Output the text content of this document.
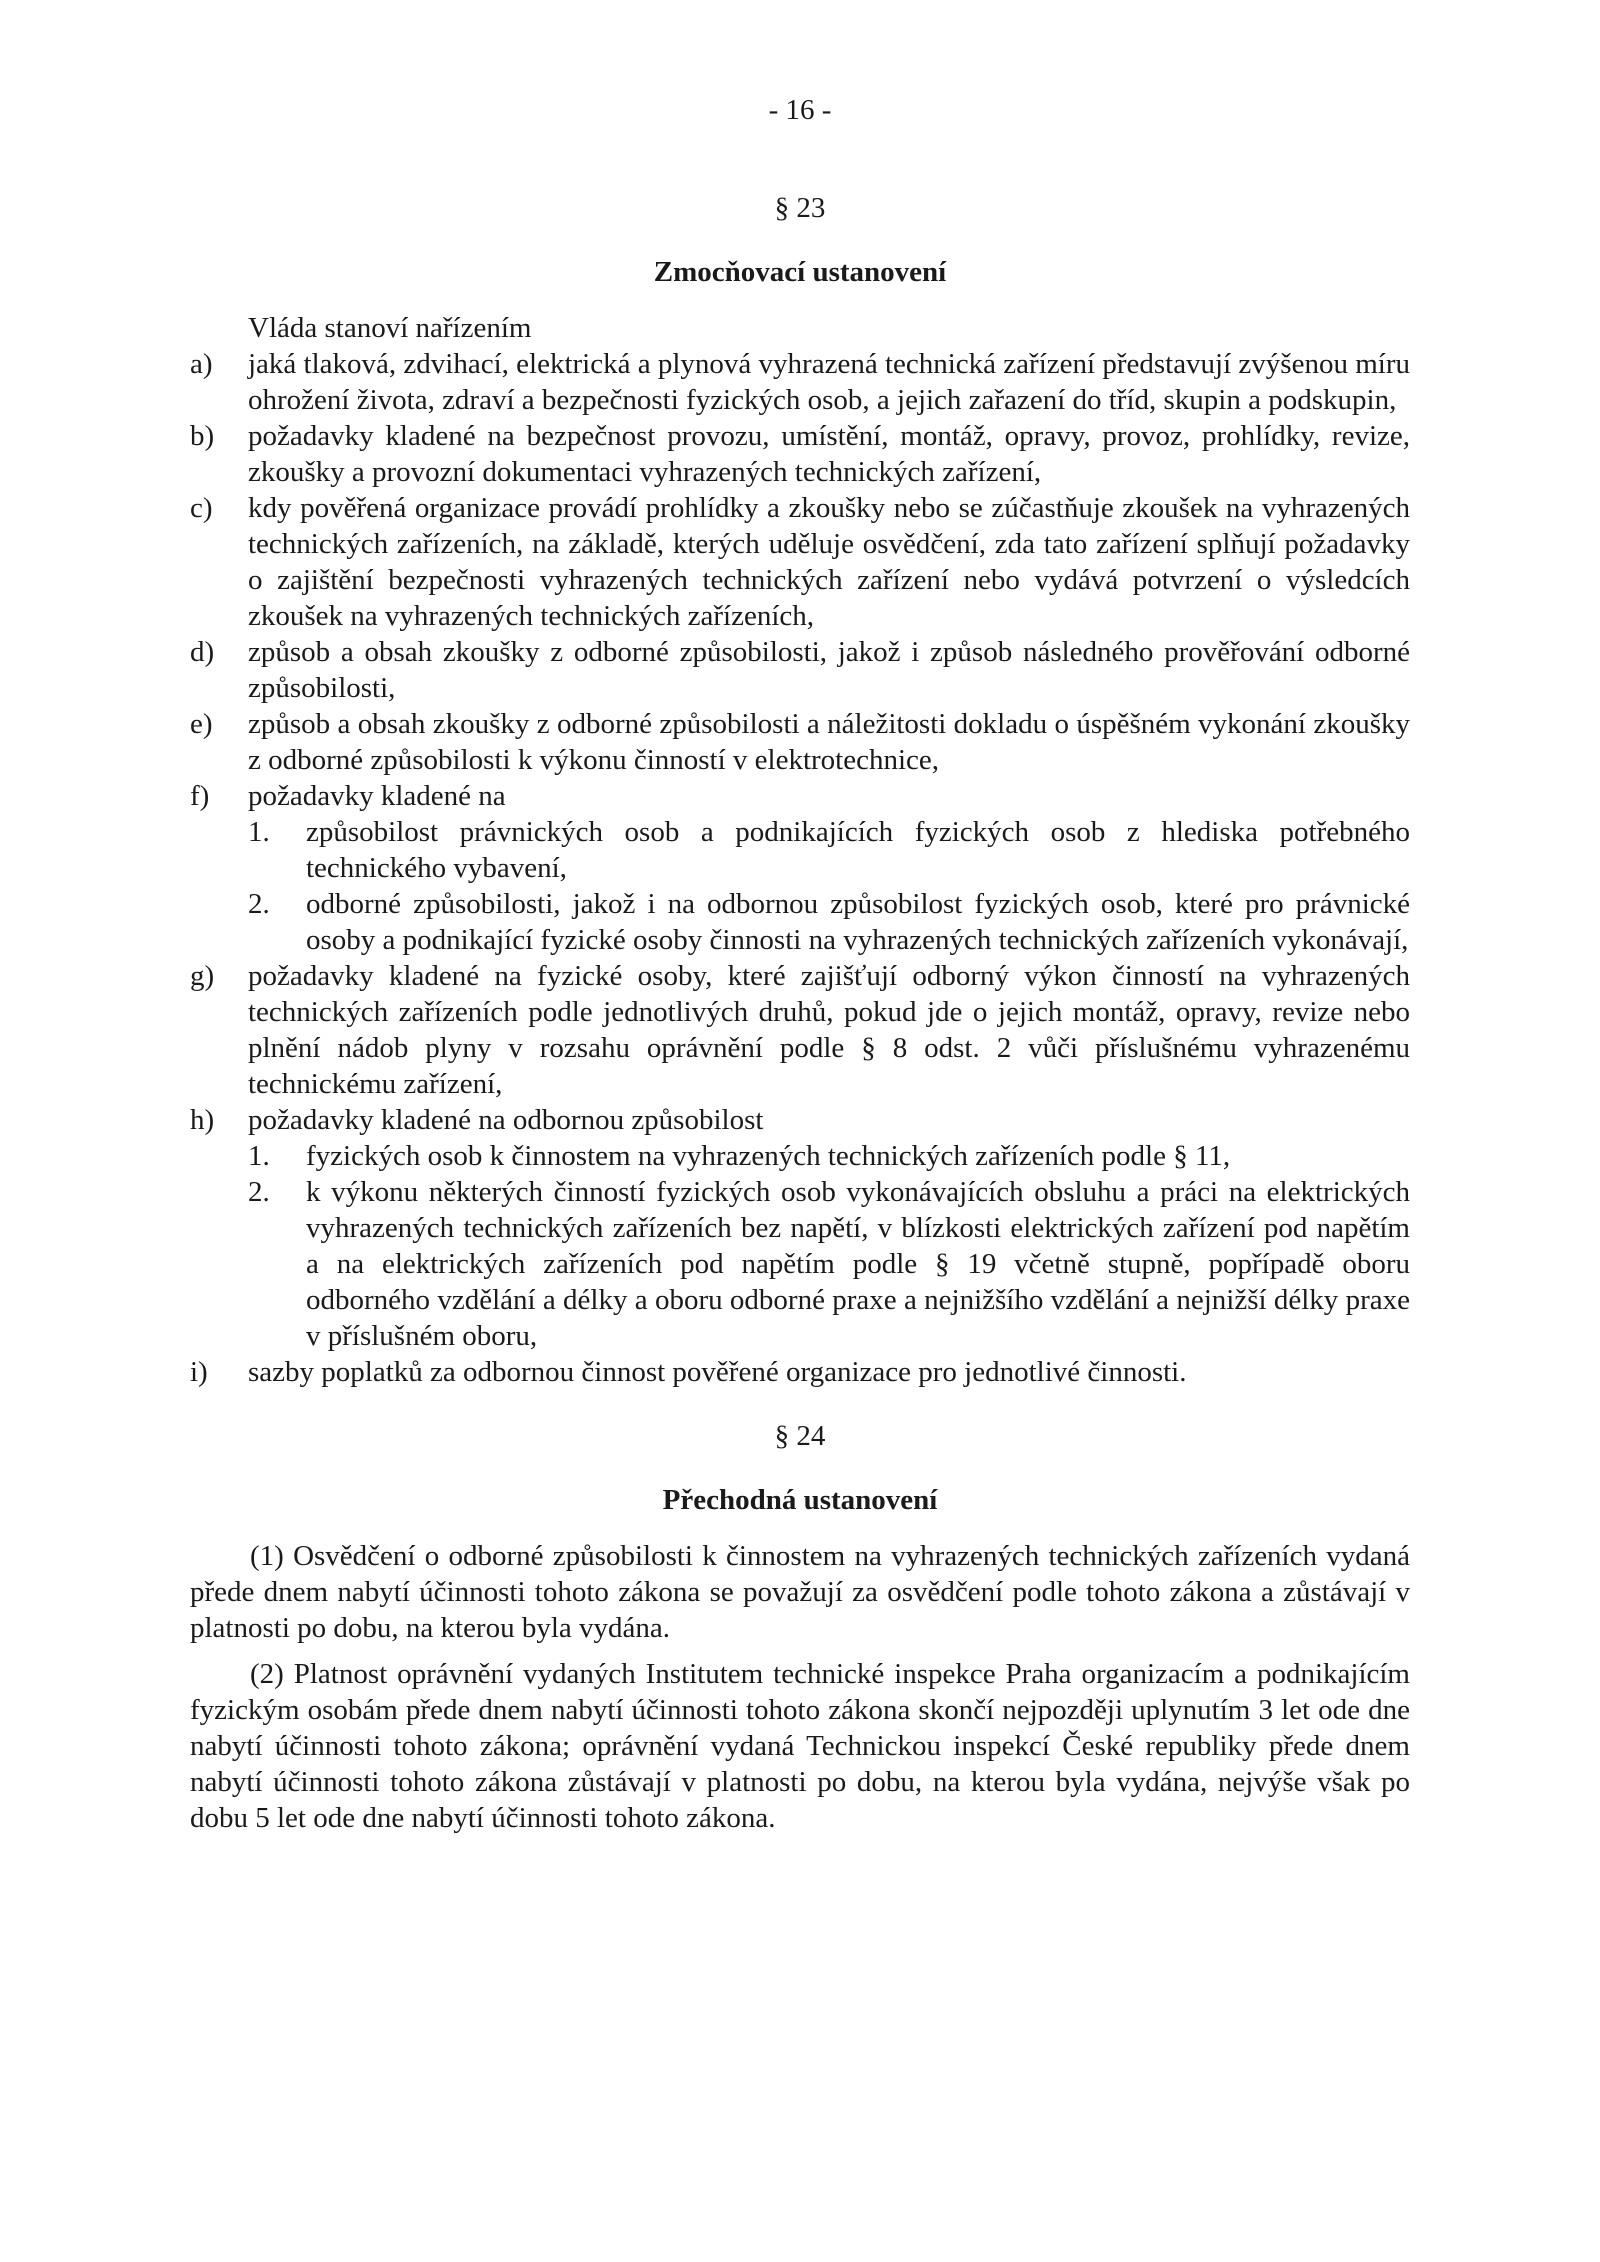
- 16 -
§ 23
Zmocňovací ustanovení
Vláda stanoví nařízením
a) jaká tlaková, zdvihací, elektrická a plynová vyhrazená technická zařízení představují zvýšenou míru ohrožení života, zdraví a bezpečnosti fyzických osob, a jejich zařazení do tříd, skupin a podskupin,
b) požadavky kladené na bezpečnost provozu, umístění, montáž, opravy, provoz, prohlídky, revize, zkoušky a provozní dokumentaci vyhrazených technických zařízení,
c) kdy pověřená organizace provádí prohlídky a zkoušky nebo se zúčastňuje zkoušek na vyhrazených technických zařízeních, na základě, kterých uděluje osvědčení, zda tato zařízení splňují požadavky o zajištění bezpečnosti vyhrazených technických zařízení nebo vydává potvrzení o výsledcích zkoušek na vyhrazených technických zařízeních,
d) způsob a obsah zkoušky z odborné způsobilosti, jakož i způsob následného prověřování odborné způsobilosti,
e) způsob a obsah zkoušky z odborné způsobilosti a náležitosti dokladu o úspěšném vykonání zkoušky z odborné způsobilosti k výkonu činností v elektrotechnice,
f) požadavky kladené na
1. způsobilost právnických osob a podnikajících fyzických osob z hlediska potřebného technického vybavení,
2. odborné způsobilosti, jakož i na odbornou způsobilost fyzických osob, které pro právnické osoby a podnikající fyzické osoby činnosti na vyhrazených technických zařízeních vykonávají,
g) požadavky kladené na fyzické osoby, které zajišťují odborný výkon činností na vyhrazených technických zařízeních podle jednotlivých druhů, pokud jde o jejich montáž, opravy, revize nebo plnění nádob plyny v rozsahu oprávnění podle § 8 odst. 2 vůči příslušnému vyhrazenému technickému zařízení,
h) požadavky kladené na odbornou způsobilost
1. fyzických osob k činnostem na vyhrazených technických zařízeních podle § 11,
2. k výkonu některých činností fyzických osob vykonávajících obsluhu a práci na elektrických vyhrazených technických zařízeních bez napětí, v blízkosti elektrických zařízení pod napětím a na elektrických zařízeních pod napětím podle § 19 včetně stupně, popřípadě oboru odborného vzdělání a délky a oboru odborné praxe a nejnižšího vzdělání a nejnižší délky praxe v příslušném oboru,
i) sazby poplatků za odbornou činnost pověřené organizace pro jednotlivé činnosti.
§ 24
Přechodná ustanovení
(1) Osvědčení o odborné způsobilosti k činnostem na vyhrazených technických zařízeních vydaná přede dnem nabytí účinnosti tohoto zákona se považují za osvědčení podle tohoto zákona a zůstávají v platnosti po dobu, na kterou byla vydána.
(2) Platnost oprávnění vydaných Institutem technické inspekce Praha organizacím a podnikajícím fyzickým osobám přede dnem nabytí účinnosti tohoto zákona skončí nejpozději uplynutím 3 let ode dne nabytí účinnosti tohoto zákona; oprávnění vydaná Technickou inspekcí České republiky přede dnem nabytí účinnosti tohoto zákona zůstávají v platnosti po dobu, na kterou byla vydána, nejvýše však po dobu 5 let ode dne nabytí účinnosti tohoto zákona.
